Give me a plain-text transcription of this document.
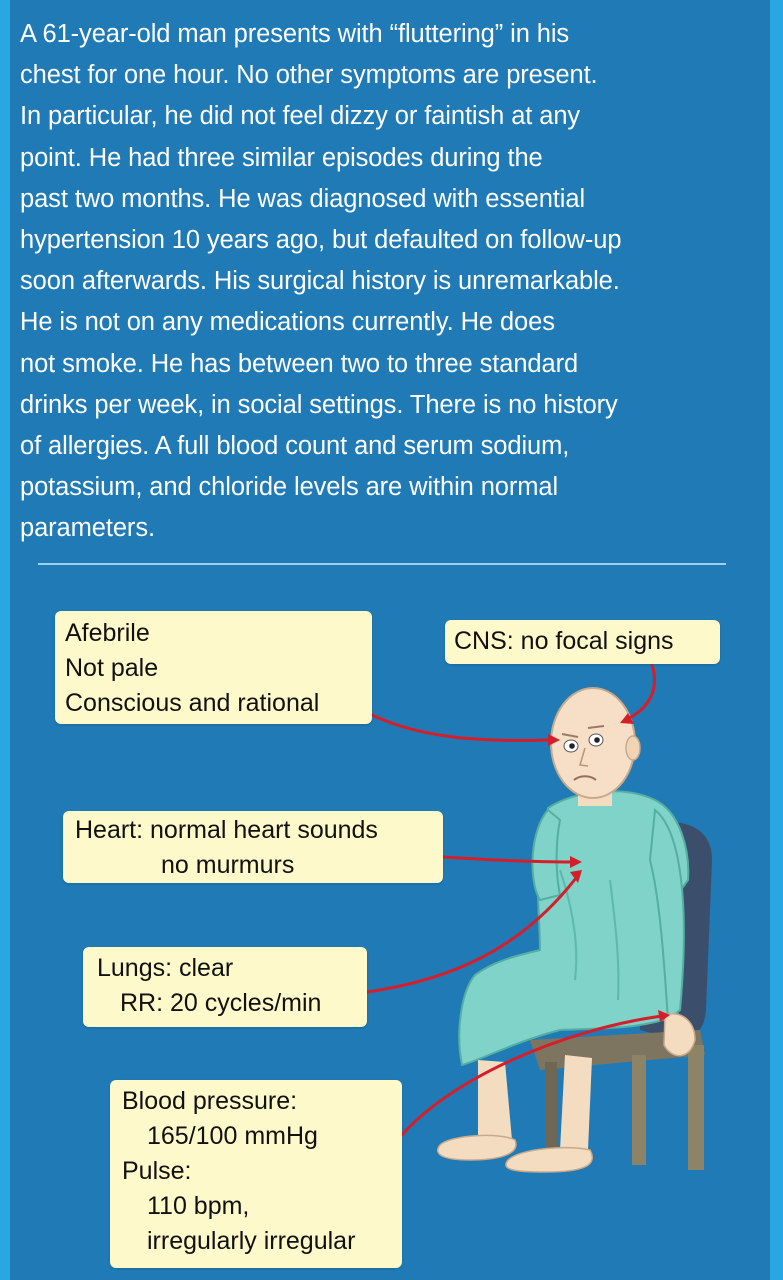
A 61-year-old man presents with “fluttering” in his
chest for one hour. No other symptoms are present.
In particular, he did not feel dizzy or faintish at any
point. He had three similar episodes during the
past two months. He was diagnosed with essential
hypertension 10 years ago, but defaulted on follow-up
soon afterwards. His surgical history is unremarkable.
He is not on any medications currently. He does
not smoke. He has between two to three standard
drinks per week, in social settings. There is no history
of allergies. A full blood count and serum sodium,
potassium, and chloride levels are within normal
parameters.
Afebrile
Not pale
Conscious and rational
CNS: no focal signs
Heart: normal heart sounds
no murmurs
Lungs: clear
RR: 20 cycles/min
Blood pressure:
165/100 mmHg
Pulse:
110 bpm,
irregularly irregular
